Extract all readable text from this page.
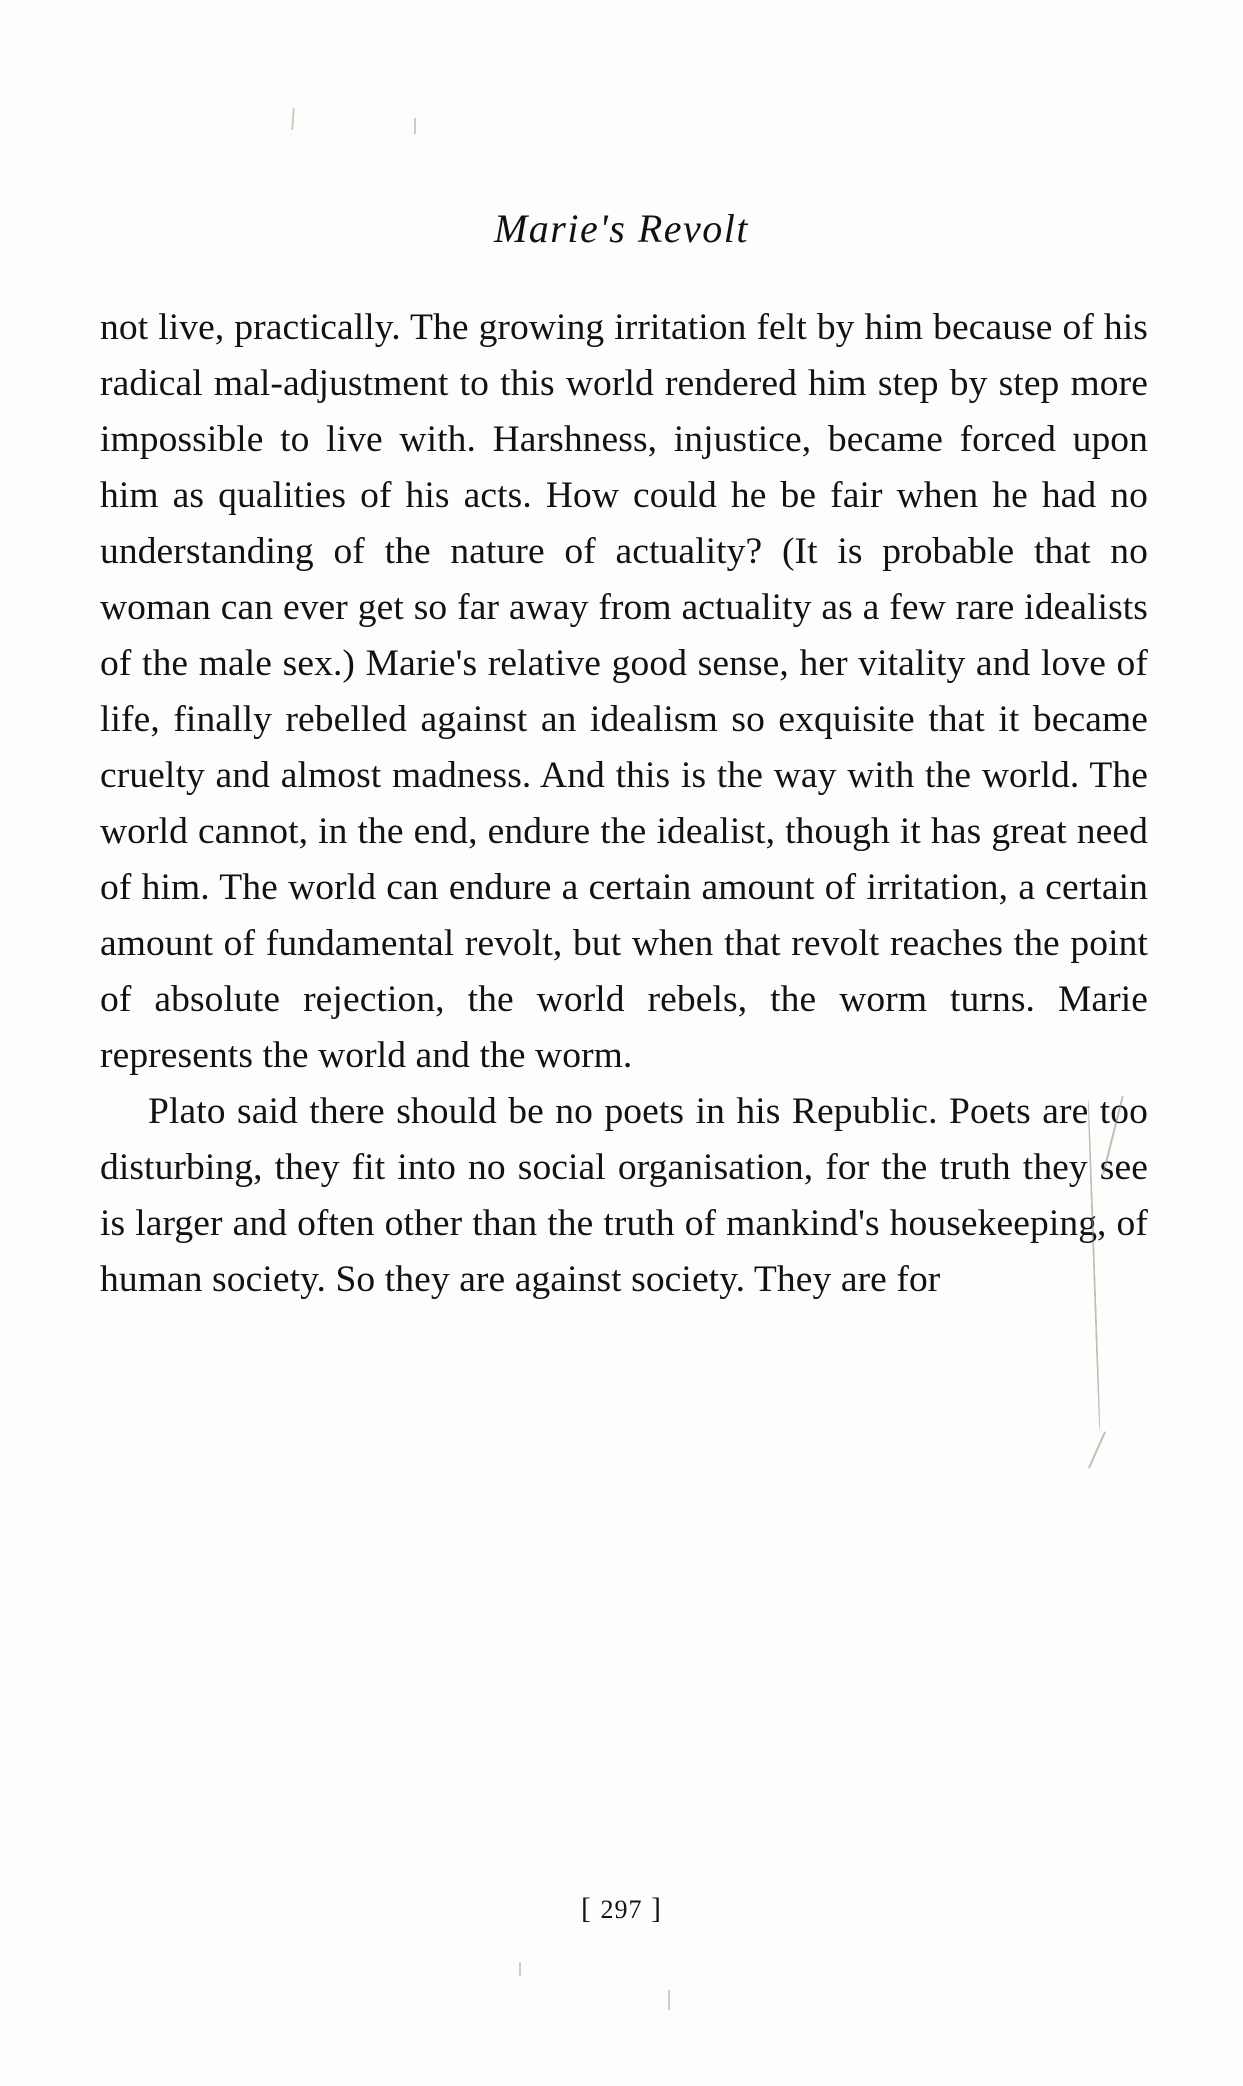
Marie's Revolt

not live, practically. The growing irritation felt by him because of his radical mal-adjustment to this world rendered him step by step more impossible to live with. Harshness, injustice, became forced upon him as qualities of his acts. How could he be fair when he had no understanding of the nature of actuality? (It is probable that no woman can ever get so far away from actuality as a few rare idealists of the male sex.) Marie's relative good sense, her vitality and love of life, finally rebelled against an idealism so exquisite that it became cruelty and almost madness. And this is the way with the world. The world cannot, in the end, endure the idealist, though it has great need of him. The world can endure a certain amount of irritation, a certain amount of fundamental revolt, but when that revolt reaches the point of absolute rejection, the world rebels, the worm turns. Marie represents the world and the worm.

Plato said there should be no poets in his Republic. Poets are too disturbing, they fit into no social organisation, for the truth they see is larger and often other than the truth of mankind's housekeeping, of human society. So they are against society. They are for

[ 297 ]
